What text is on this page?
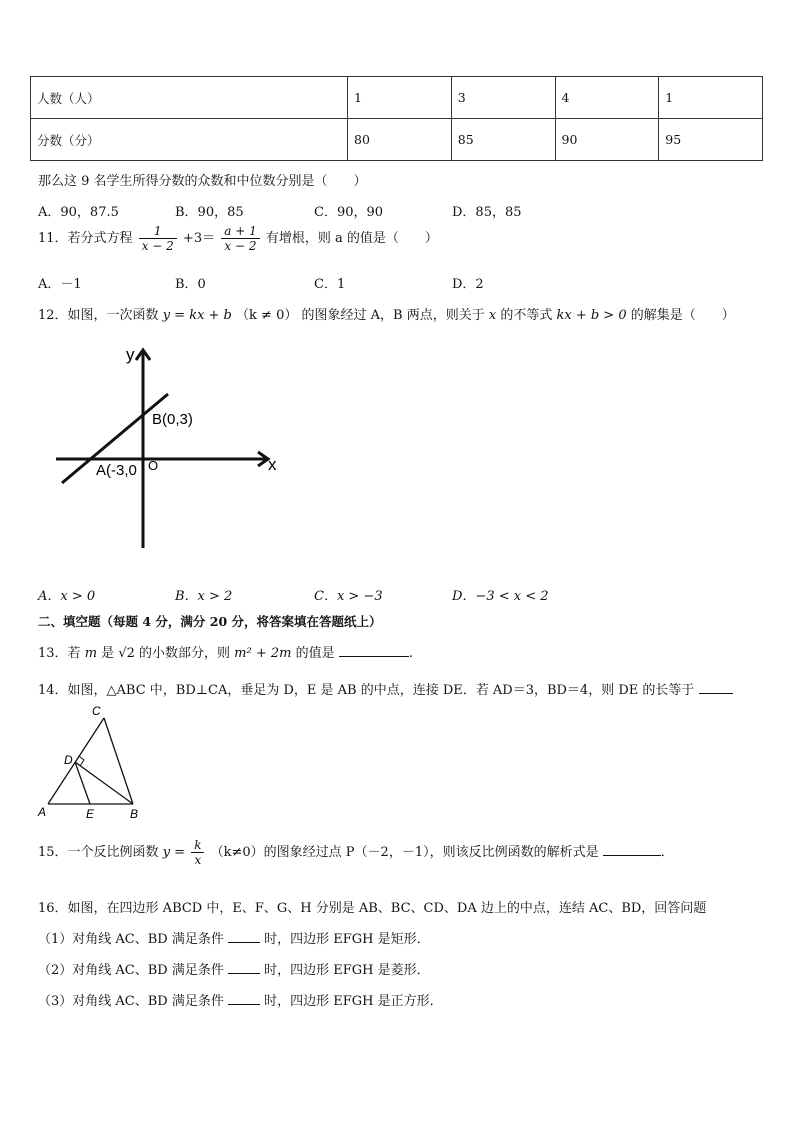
人数（人）	1	3	4	1
分数（分）	80	85	90	95
那么这 9 名学生所得分数的众数和中位数分别是（　　）
A．90，87.5	B．90，85	C．90，90	D．85，85
11．若分式方程 $\frac{1}{x - 2} +3= \frac{a + 1}{x - 2}$ 有增根，则 a 的值是（　　）
A．－1	B．0	C．1	D．2
12．如图，一次函数 y = kx + b （k ≠ 0） 的图象经过 A，B 两点，则关于 x 的不等式 kx + b > 0 的解集是（　　）
y
x
O
A(-3,0
B(0,3)
A．x > 0	B．x > 2	C．x > −3	D．−3 < x < 2
二、填空题（每题 4 分，满分 20 分，将答案填在答题纸上）
13．若 m 是 √2 的小数部分，则 m² + 2m 的值是	.
14．如图，△ABC 中，BD⊥CA，垂足为 D，E 是 AB 的中点，连接 DE．若 AD＝3，BD＝4，则 DE 的长等于
C
D
A	E	B
15．一个反比例函数 $y = \frac{k}{x} (k\ne 0)$的图象经过点 P（－2，－1），则该反比例函数的解析式是	．
16．如图，在四边形 ABCD 中，E、F、G、H 分别是 AB、BC、CD、DA 边上的中点，连结 AC、BD，回答问题
（1）对角线 AC、BD 满足条件	时，四边形 EFGH 是矩形．
（2）对角线 AC、BD 满足条件	时，四边形 EFGH 是菱形．
（3）对角线 AC、BD 满足条件	时，四边形 EFGH 是正方形．
